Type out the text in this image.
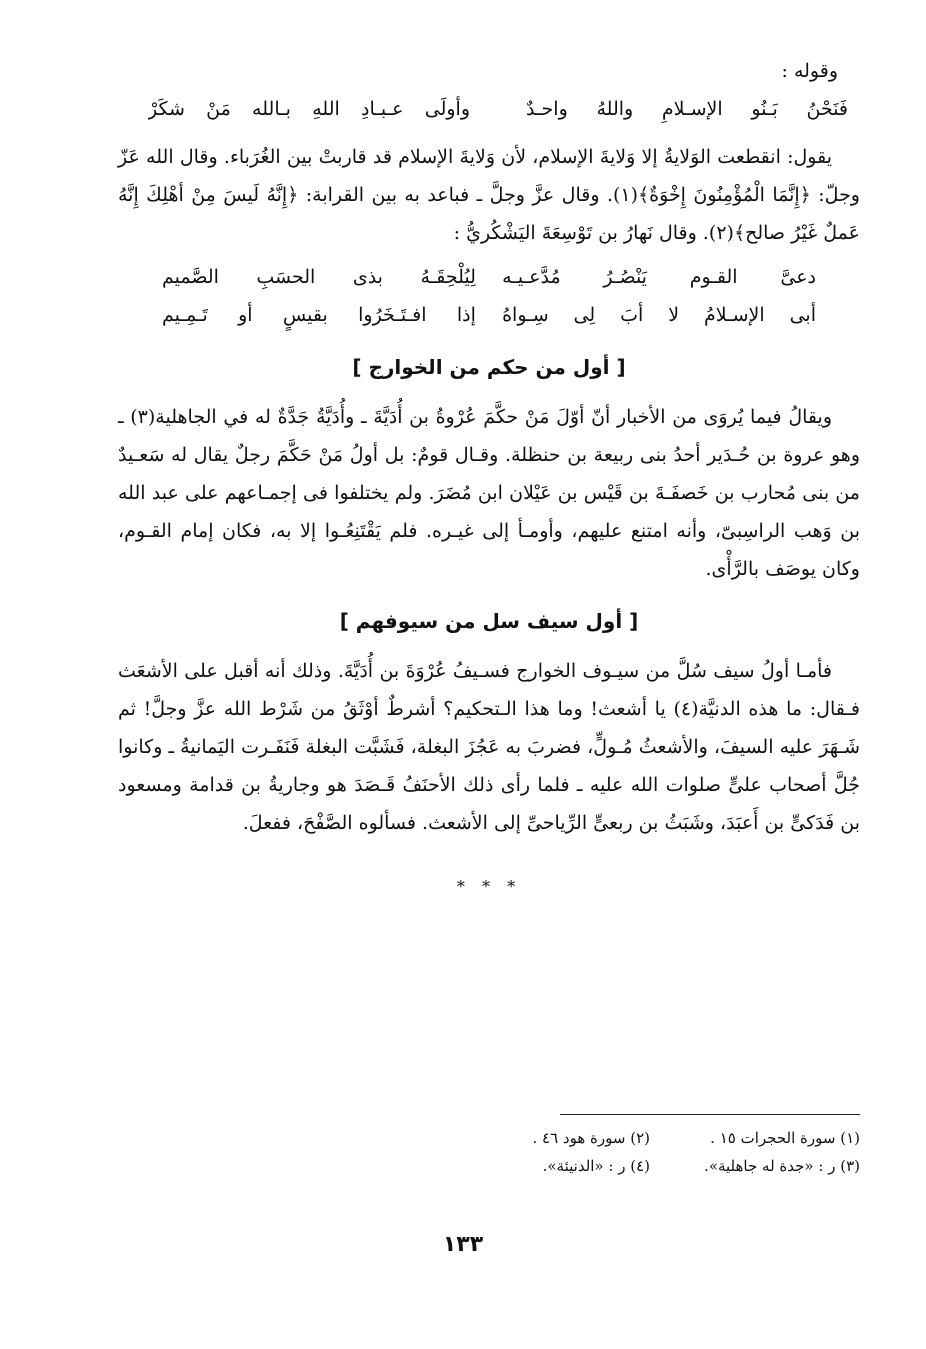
وقوله :
فَنَحْنُ بَـنُو الإسـلامِ واللهُ واحـدٌ
وأولَى عـبـادِ اللهِ بـالله مَنْ شكَرْ

يقول: انقطعت الوَلايةُ إلا وَلايةَ الإسلام، لأن وَلايةَ الإسلام قد قاربتْ بين الغُرَباء. وقال الله عَزّ وجلّ: ﴿إِنَّمَا الْمُؤْمِنُونَ إِخْوَةٌ﴾(١). وقال عزَّ وجلَّ ـ فباعد به بين القرابة: ﴿إِنَّهُ لَيسَ مِنْ أهْلِكَ إِنَّهُ عَملٌ غَيْرُ صالح﴾(٢). وقال نَهارُ بن تَوْسِعَةَ اليَشْكُريُّ :

دعىَّ القـوم يَنْصُـرُ مُدَّعـيـه
لِيُلْحِقَـهُ بذى الحسَبِ الصَّميم
أبى الإسـلامُ لا أبَ لِى سِـواهُ
إذا افـتَـخَرُوا بقيسٍ أو تَـمِـيم
[ أول من حكم من الخوارج ]

ويقالُ فيما يُروَى من الأخبار أنّ أوّلَ مَنْ حكَّمَ عُرْوةُ بن أُدَيَّةَ ـ وأُدَيَّةُ جَدَّةٌ له في الجاهلية(٣) ـ وهو عروة بن حُـدَير أحدُ بنى ربيعة بن حنظلة. وقـال قومٌ: بل أولُ مَنْ حَكَّمَ رجلٌ يقال له سَعـيدٌ من بنى مُحارب بن خَصفَـةَ بن قَيْس بن عَيْلان ابن مُضَرَ. ولم يختلفوا فى إجمـاعهم على عبد الله بن وَهب الراسِبىّ، وأنه امتنع عليهم، وأومـأ إلى غيـره. فلم يَقْتَنِعُـوا إلا به، فكان إمام القـوم، وكان يوصَف بالرَّأْى.

[ أول سيف سل من سيوفهم ]

فأمـا أولُ سيف سُلَّ من سيـوف الخوارج فسـيفُ عُرْوَةَ بن أُدَيَّةَ. وذلك أنه أقبل على الأشعَث فـقال: ما هذه الدنيَّة(٤) يا أشعث! وما هذا الـتحكيم؟ أشرطٌ أوْثَقُ من شَرْط الله عزَّ وجلَّ! ثم شَـهَرَ عليه السيفَ، والأشعثُ مُـولٍّ، فضربَ به عَجُزَ البغلة، فَشَبَّت البغلة فَنَفَـرت اليَمانيةُ ـ وكانوا جُلَّ أصحاب علىٍّ صلوات الله عليه ـ فلما رأى ذلك الأحنَفُ قَـصَدَ هو وجاريةُ بن قدامة ومسعود بن فَدَكىٍّ بن أَعبَدَ، وشَبَثُ بن ربعىٍّ الرِّياحىِّ إلى الأشعث. فسألوه الصَّفْحَ، ففعلَ.

* * *
(١) سورة الحجرات ١٥ .
(٢) سورة هود ٤٦ .
(٣) ر : «جدة له جاهلية».
(٤) ر : «الدنيئة».
١٣٣
